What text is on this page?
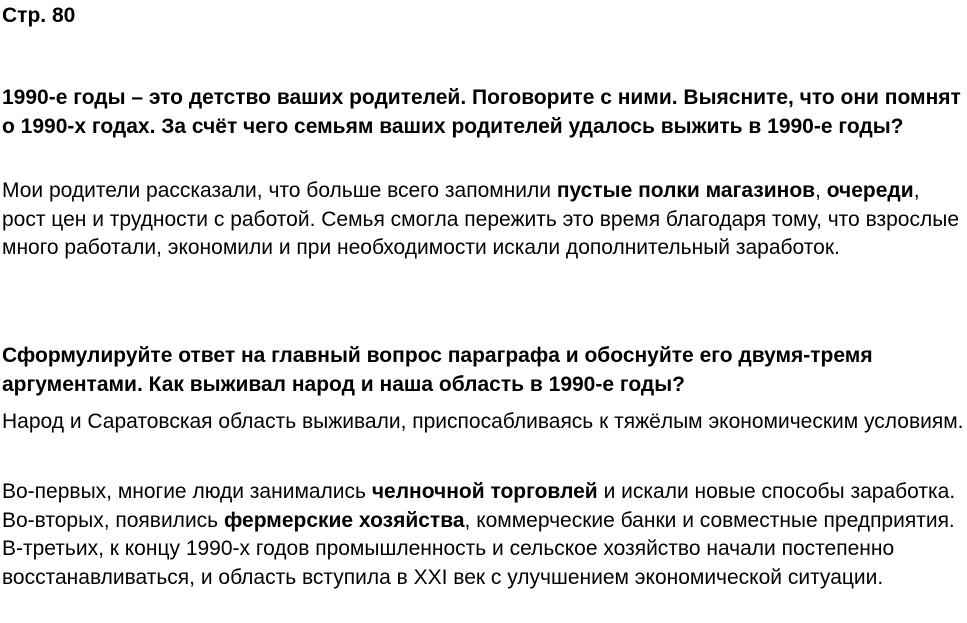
Стр. 80
1990-е годы – это детство ваших родителей. Поговорите с ними. Выясните, что они помнят о 1990-х годах. За счёт чего семьям ваших родителей удалось выжить в 1990-е годы?

Мои родители рассказали, что больше всего запомнили пустые полки магазинов, очереди, рост цен и трудности с работой. Семья смогла пережить это время благодаря тому, что взрослые много работали, экономили и при необходимости искали дополнительный заработок.

Сформулируйте ответ на главный вопрос параграфа и обоснуйте его двумя-тремя аргументами. Как выживал народ и наша область в 1990-е годы?

Народ и Саратовская область выживали, приспосабливаясь к тяжёлым экономическим условиям.

Во-первых, многие люди занимались челночной торговлей и искали новые способы заработка. Во-вторых, появились фермерские хозяйства, коммерческие банки и совместные предприятия. В-третьих, к концу 1990-х годов промышленность и сельское хозяйство начали постепенно восстанавливаться, и область вступила в XXI век с улучшением экономической ситуации.
